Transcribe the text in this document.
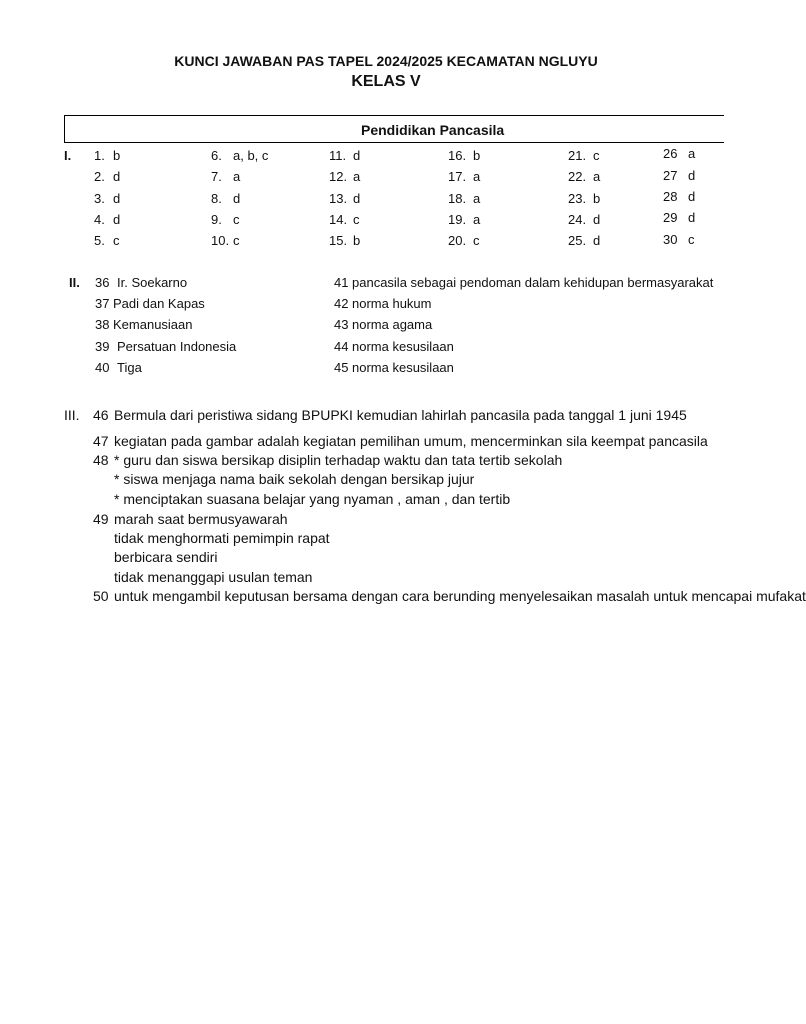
KUNCI JAWABAN PAS TAPEL 2024/2025 KECAMATAN NGLUYU
KELAS V
Pendidikan Pancasila
I. 1. b
2. d
3. d
4. d
5. c
6. a, b, c
7. a
8. d
9. c
10. c
11. d
12. a
13. d
14. c
15. b
16. b
17. a
18. a
19. a
20. c
21. c
22. a
23. b
24. d
25. d
26 a
27 d
28 d
29 d
30 c
II. 36 Ir. Soekarno
37 Padi dan Kapas
38 Kemanusiaan
39 Persatuan Indonesia
40 Tiga
41 pancasila sebagai pendoman dalam kehidupan bermasyarakat
42 norma hukum
43 norma agama
44 norma kesusilaan
45 norma kesusilaan
III. 46 Bermula dari peristiwa sidang BPUPKI kemudian lahirlah pancasila pada tanggal 1 juni 1945
47 kegiatan pada gambar adalah kegiatan pemilihan umum, mencerminkan sila keempat pancasila
48 * guru dan siswa bersikap disiplin terhadap waktu dan tata tertib sekolah
* siswa menjaga nama baik sekolah dengan bersikap jujur
* menciptakan suasana belajar yang nyaman , aman , dan tertib
49 marah saat bermusyawarah
tidak menghormati pemimpin rapat
berbicara sendiri
tidak menanggapi usulan teman
50 untuk mengambil keputusan bersama dengan cara berunding menyelesaikan masalah untuk mencapai mufakat
